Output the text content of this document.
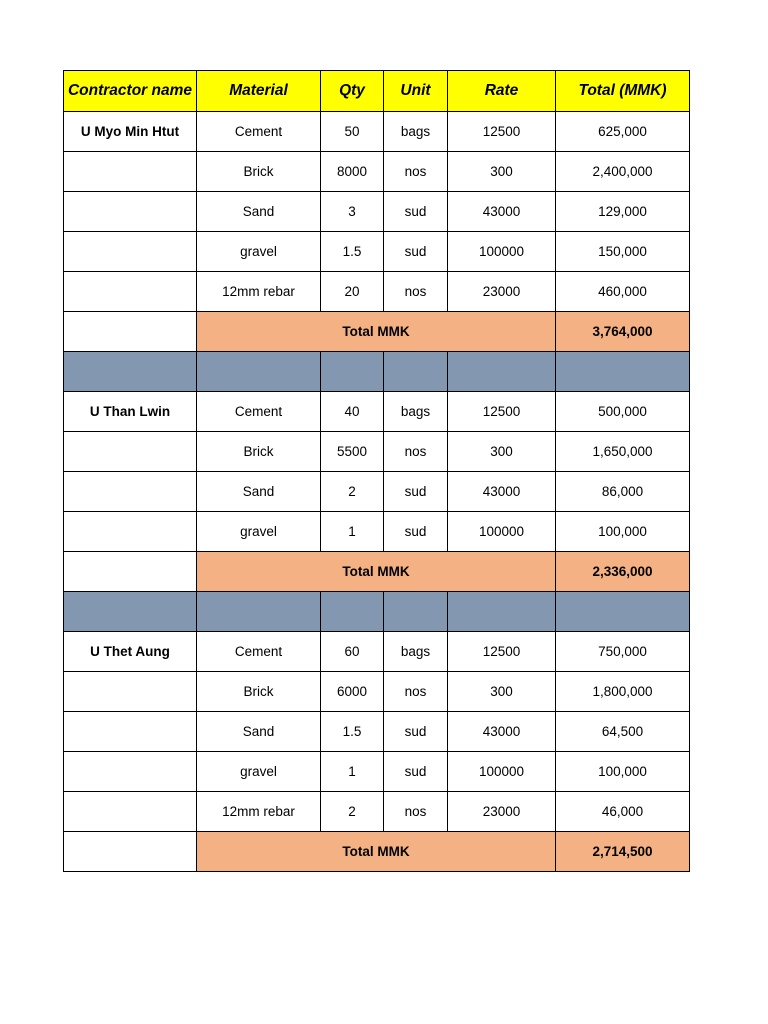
Contractor name	Material	Qty	Unit	Rate	Total (MMK)
U Myo Min Htut	Cement	50	bags	12500	625,000
	Brick	8000	nos	300	2,400,000
	Sand	3	sud	43000	129,000
	gravel	1.5	sud	100000	150,000
	12mm rebar	20	nos	23000	460,000
	Total MMK				3,764,000

U Than Lwin	Cement	40	bags	12500	500,000
	Brick	5500	nos	300	1,650,000
	Sand	2	sud	43000	86,000
	gravel	1	sud	100000	100,000
	Total MMK				2,336,000

U Thet Aung	Cement	60	bags	12500	750,000
	Brick	6000	nos	300	1,800,000
	Sand	1.5	sud	43000	64,500
	gravel	1	sud	100000	100,000
	12mm rebar	2	nos	23000	46,000
	Total MMK				2,714,500
